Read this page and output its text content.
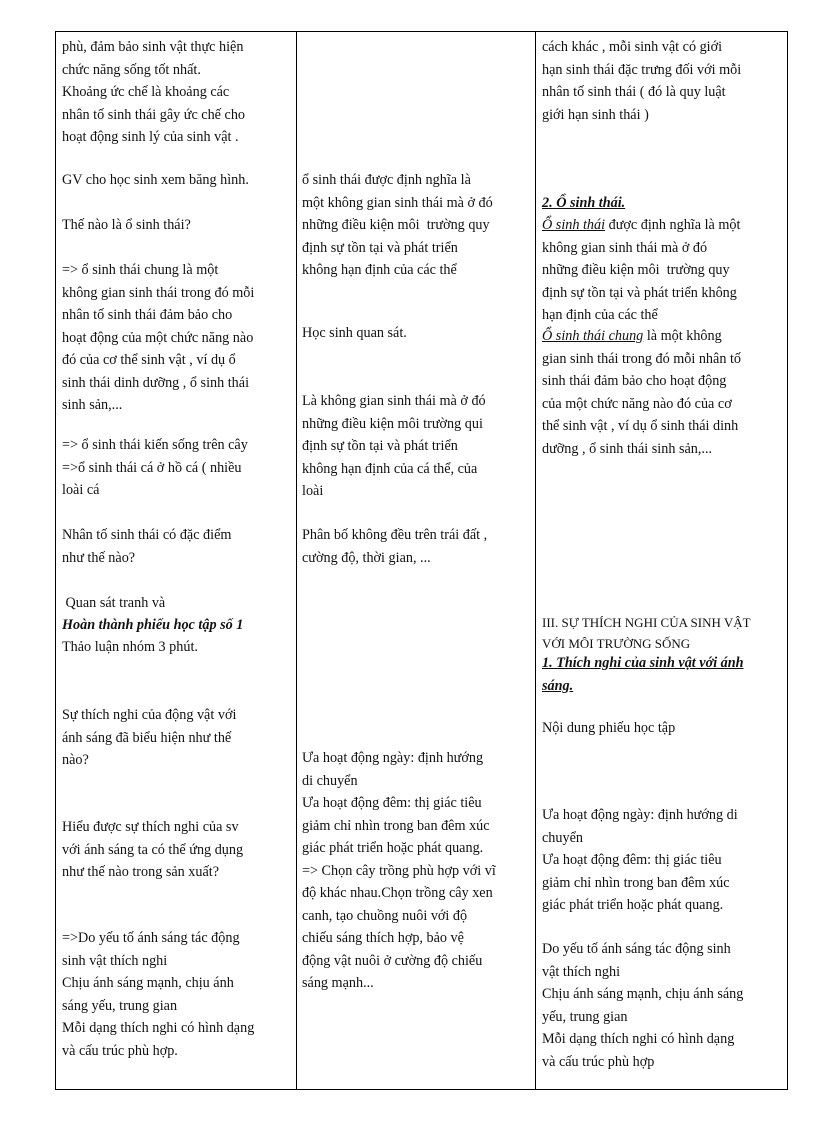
phù, đảm bảo sinh vật thực hiện
chức năng sống tốt nhất.
Khoảng ức chế là khoảng các
nhân tố sinh thái gây ức chế cho
hoạt động sinh lý của sinh vật .
GV cho học sinh xem băng hình.
Thế nào là ổ sinh thái?
=> ổ sinh thái chung là một
không gian sinh thái trong đó mỗi
nhân tố sinh thái đảm bảo cho
hoạt động của một chức năng nào
đó của cơ thể sinh vật , ví dụ ổ
sinh thái dinh dưỡng , ổ sinh thái
sinh sản,...
=> ổ sinh thái kiến sống trên cây
=>ổ sinh thái cá ở hồ cá ( nhiều
loài cá
Nhân tố sinh thái có đặc điểm
như thế nào?
Quan sát tranh và
Hoàn thành phiếu học tập số 1
Thảo luận nhóm 3 phút.
Sự thích nghi của động vật với
ánh sáng đã biểu hiện như thế
nào?
Hiểu được sự thích nghi của sv
với ánh sáng ta có thể ứng dụng
như thế nào trong sản xuất?
=>Do yếu tố ánh sáng tác động
sinh vật thích nghi
Chịu ánh sáng mạnh, chịu ánh
sáng yếu, trung gian
Mỗi dạng thích nghi có hình dạng
và cấu trúc phù hợp.
ổ sinh thái được định nghĩa là
một không gian sinh thái mà ở đó
những điều kiện môi  trường quy
định sự tồn tại và phát triển
không hạn định của các thể
Học sinh quan sát.
Là không gian sinh thái mà ở đó
những điều kiện môi trường qui
định sự tồn tại và phát triển
không hạn định của cá thể, của
loài
Phân bố không đều trên trái đất ,
cường độ, thời gian, ...
Ưa hoạt động ngày: định hướng
di chuyển
Ưa hoạt động đêm: thị giác tiêu
giảm chỉ nhìn trong ban đêm xúc
giác phát triển hoặc phát quang.
=> Chọn cây trồng phù hợp với vĩ
độ khác nhau.Chọn trồng cây xen
canh, tạo chuồng nuôi với độ
chiếu sáng thích hợp, bảo vệ
động vật nuôi ở cường độ chiếu
sáng mạnh...
cách khác , mỗi sinh vật có giới
hạn sinh thái đặc trưng đối với mỗi
nhân tố sinh thái ( đó là quy luật
giới hạn sinh thái )
2. Ổ sinh thái.
Ổ sinh thái được định nghĩa là một
không gian sinh thái mà ở đó
những điều kiện môi  trường quy
định sự tồn tại và phát triển không
hạn định của các thể
Ổ sinh thái chung là một không
gian sinh thái trong đó mỗi nhân tố
sinh thái đảm bảo cho hoạt động
của một chức năng nào đó của cơ
thể sinh vật , ví dụ ổ sinh thái dinh
dưỡng , ổ sinh thái sinh sản,...
III. SỰ THÍCH NGHI CỦA SINH VẬT
VỚI MÔI TRƯỜNG SỐNG
1. Thích nghi của sinh vật với ánh
sáng.
Nội dung phiếu học tập
Ưa hoạt động ngày: định hướng di
chuyển
Ưa hoạt động đêm: thị giác tiêu
giảm chỉ nhìn trong ban đêm xúc
giác phát triển hoặc phát quang.
Do yếu tố ánh sáng tác động sinh
vật thích nghi
Chịu ánh sáng mạnh, chịu ánh sáng
yếu, trung gian
Mỗi dạng thích nghi có hình dạng
và cấu trúc phù hợp
